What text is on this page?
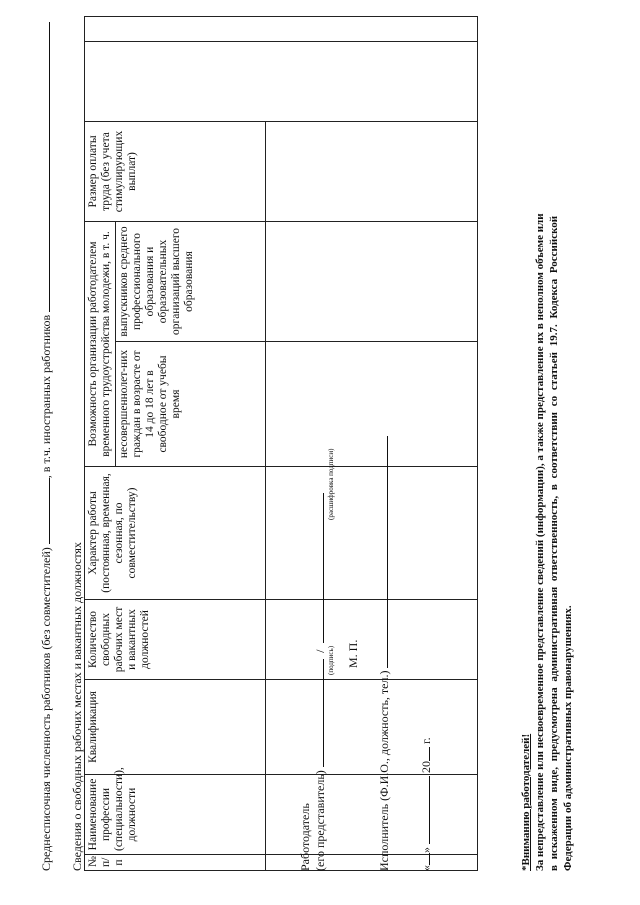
Среднесписочная численность работников (без совместителей) , в т.ч. иностранных работников
Сведения о свободных рабочих местах и вакантных должностях № п/п	Наименование профессии (специальности), должности	Квалификация	Количество свободных рабочих мест и вакантных должностей	Характер работы (постоянная, временная, сезонная, по совместительству)	Возможность организации работодателем временного трудоустройства молодежи, в т. ч.		Размер оплаты труда (без учета стимулирующих выплат)		
					несовершеннолет-них граждан в возрасте от 14 до 18 лет в свободное от учебы время	выпускников среднего профессионального образования и образовательных организаций высшего образования			

Работодатель (его представитель)  / (подпись)
(расшифровка подписи)
М. П.
Исполнитель (Ф.И.О., должность, тел.) «»  20 г.	*Вниманию работодателей! За непредставление или несвоевременное представление сведений (информации), а также представление их в неполном объеме или в искаженном виде, предусмотрена административная ответственность, в соответствии со статьей 19.7. Кодекса Российской Федерации об административных правонарушениях.
